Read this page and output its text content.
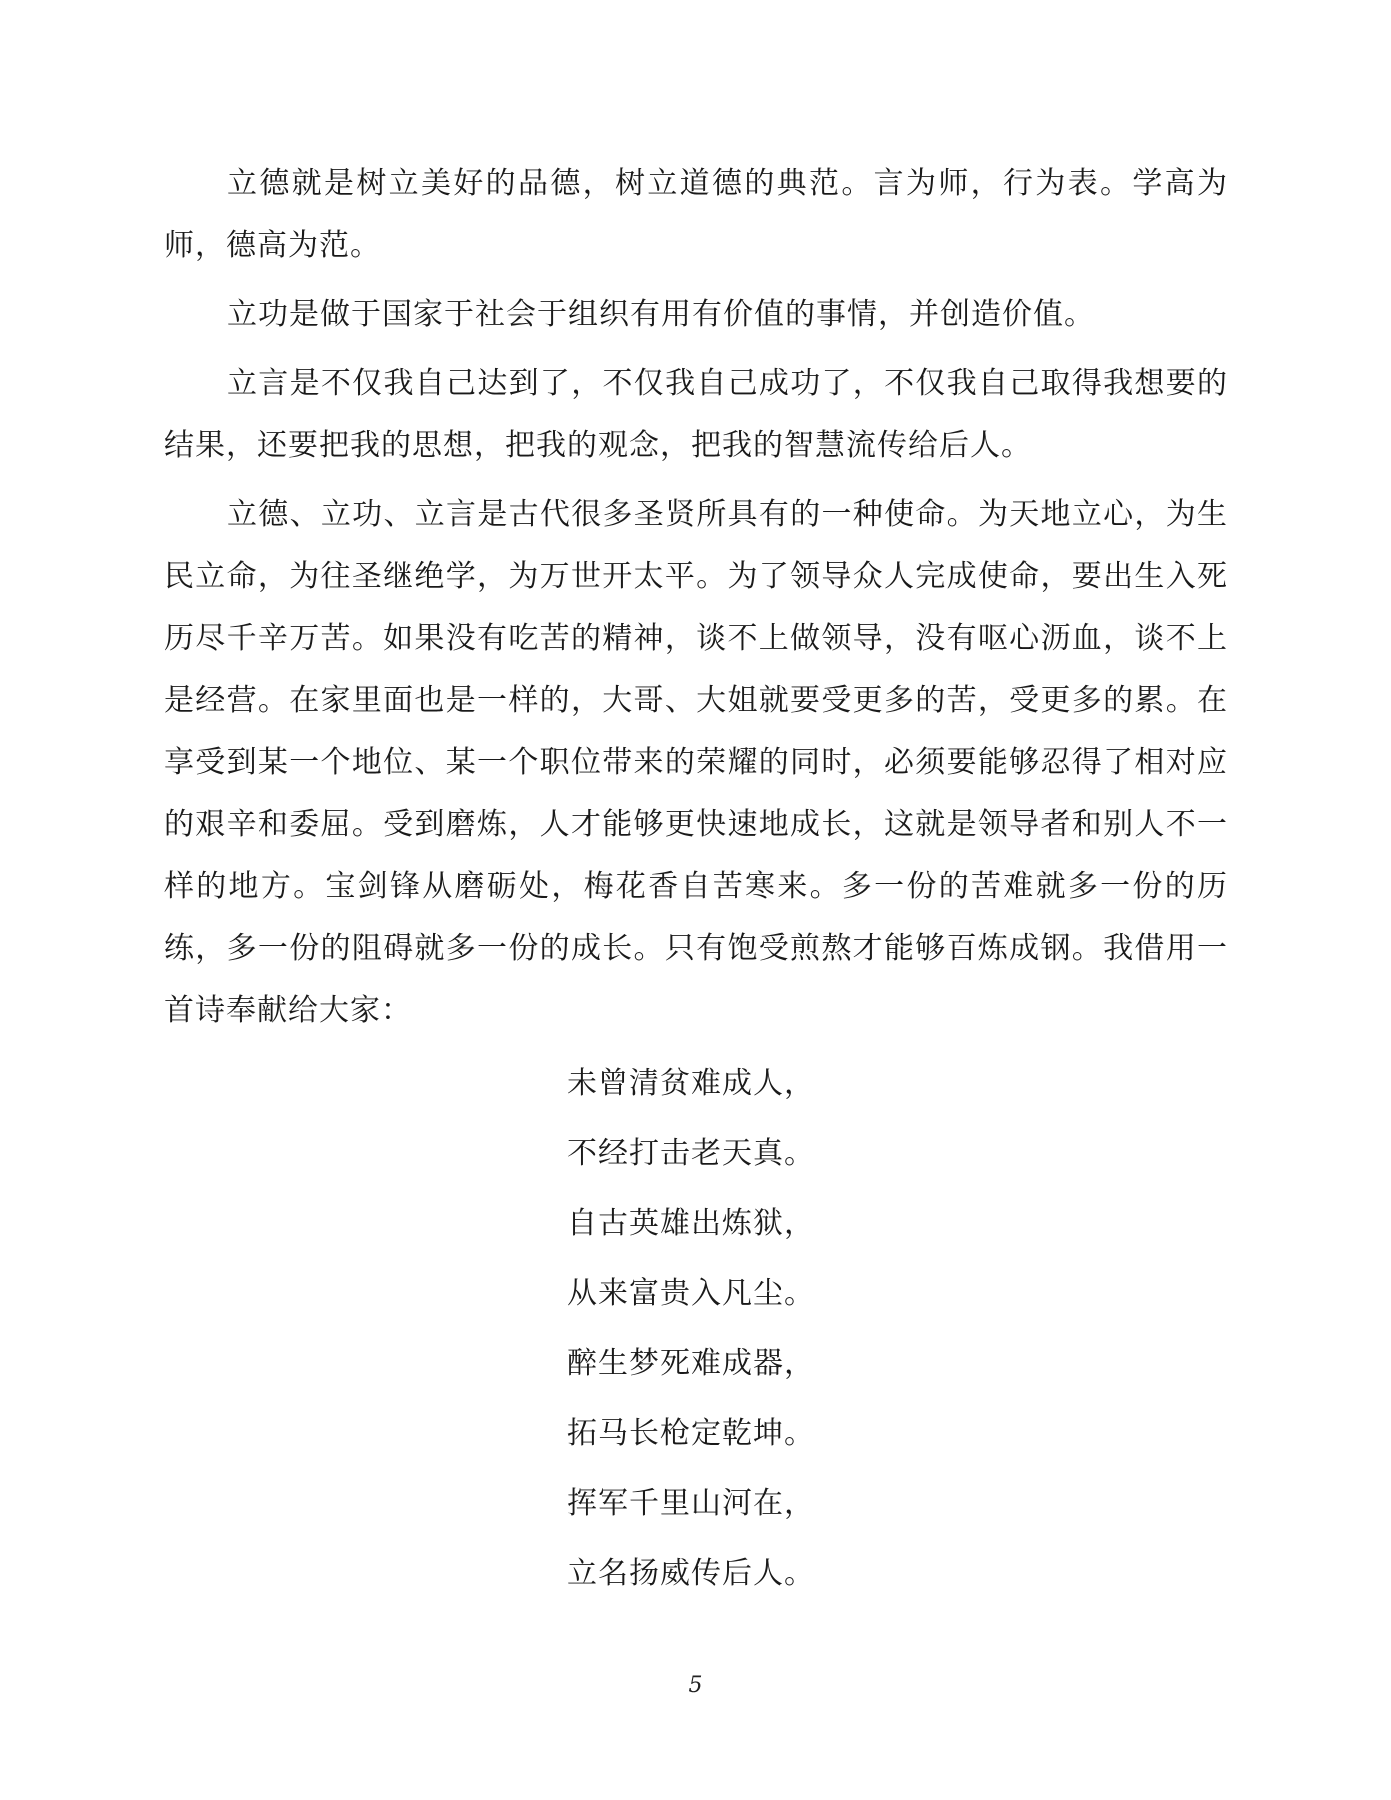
立德就是树立美好的品德，树立道德的典范。言为师，行为表。学高为师，德高为范。

立功是做于国家于社会于组织有用有价值的事情，并创造价值。

立言是不仅我自己达到了，不仅我自己成功了，不仅我自己取得我想要的结果，还要把我的思想，把我的观念，把我的智慧流传给后人。

立德、立功、立言是古代很多圣贤所具有的一种使命。为天地立心，为生民立命，为往圣继绝学，为万世开太平。为了领导众人完成使命，要出生入死历尽千辛万苦。如果没有吃苦的精神，谈不上做领导，没有呕心沥血，谈不上是经营。在家里面也是一样的，大哥、大姐就要受更多的苦，受更多的累。在享受到某一个地位、某一个职位带来的荣耀的同时，必须要能够忍得了相对应的艰辛和委屈。受到磨炼，人才能够更快速地成长，这就是领导者和别人不一样的地方。宝剑锋从磨砺处，梅花香自苦寒来。多一份的苦难就多一份的历练，多一份的阻碍就多一份的成长。只有饱受煎熬才能够百炼成钢。我借用一首诗奉献给大家：

未曾清贫难成人，
不经打击老天真。
自古英雄出炼狱，
从来富贵入凡尘。
醉生梦死难成器，
拓马长枪定乾坤。
挥军千里山河在，
立名扬威传后人。
5
